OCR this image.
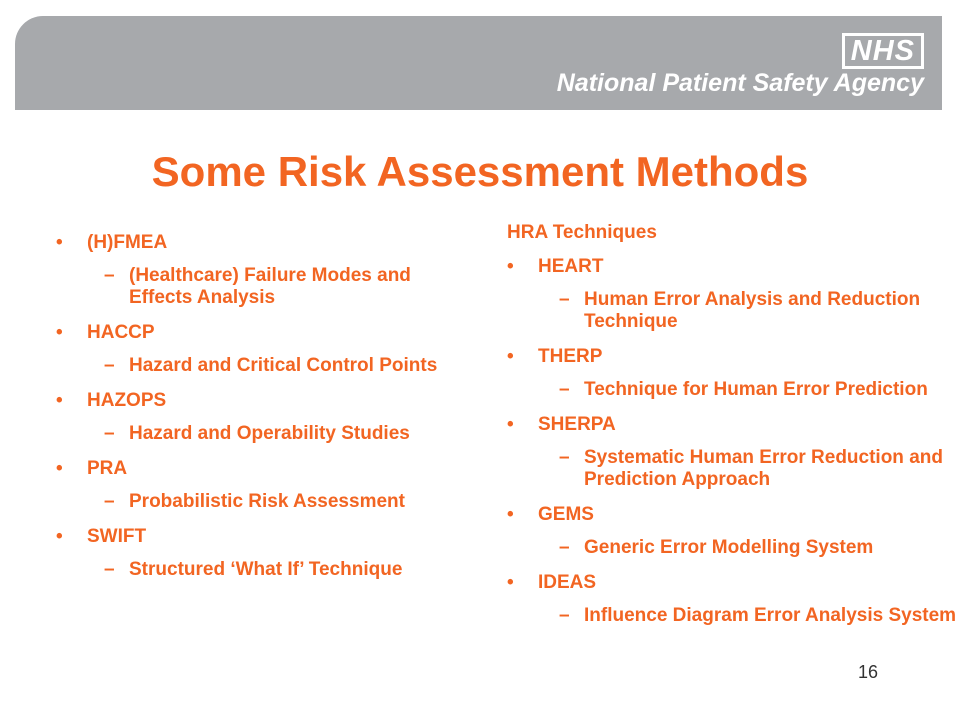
NHS
National Patient Safety Agency
Some Risk Assessment Methods
• (H)FMEA
– (Healthcare) Failure Modes and Effects Analysis
• HACCP
– Hazard and Critical Control Points
• HAZOPS
– Hazard and Operability Studies
• PRA
– Probabilistic Risk Assessment
• SWIFT
– Structured ‘What If’ Technique
HRA Techniques
• HEART
– Human Error Analysis and Reduction Technique
• THERP
– Technique for Human Error Prediction
• SHERPA
– Systematic Human Error Reduction and Prediction Approach
• GEMS
– Generic Error Modelling System
• IDEAS
– Influence Diagram Error Analysis System
16
